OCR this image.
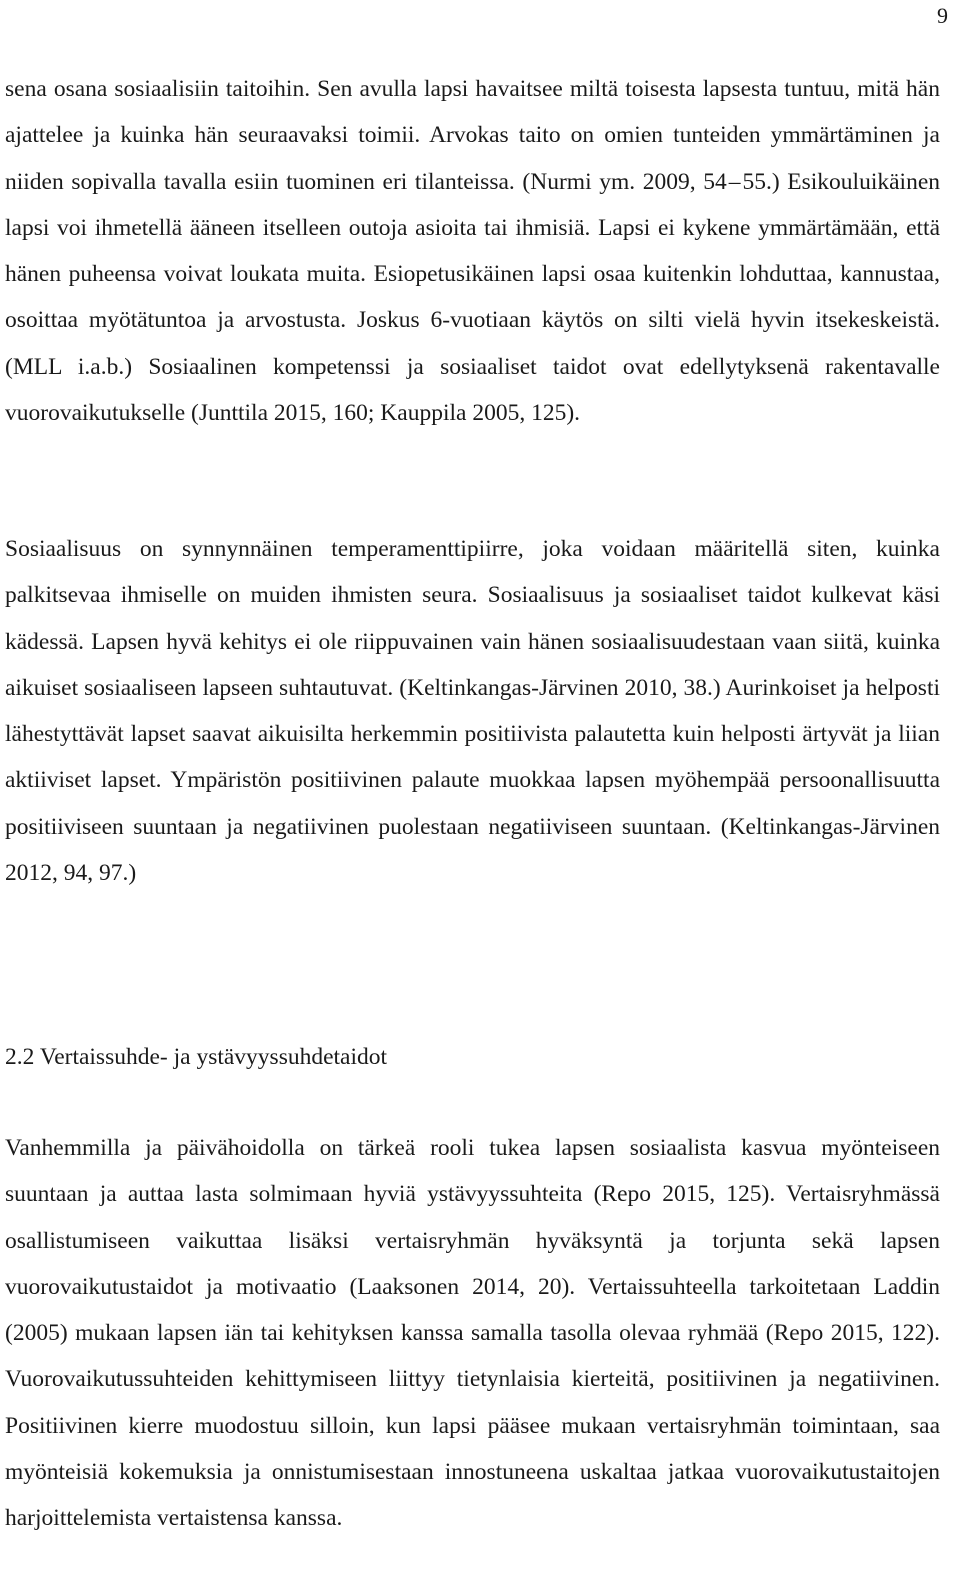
9

sena osana sosiaalisiin taitoihin. Sen avulla lapsi havaitsee miltä toisesta lapsesta tuntuu, mitä hän ajattelee ja kuinka hän seuraavaksi toimii. Arvokas taito on omien tunteiden ymmärtäminen ja niiden sopivalla tavalla esiin tuominen eri tilanteissa. (Nurmi ym. 2009, 54 – 55.) Esikouluikäinen lapsi voi ihmetellä ääneen itselleen outoja asioita tai ihmisiä. Lapsi ei kykene ymmärtämään, että hänen puheensa voivat loukata muita. Esiopetusikäinen lapsi osaa kuitenkin lohduttaa, kannustaa, osoittaa myötätuntoa ja arvostusta. Joskus 6-vuotiaan käytös on silti vielä hyvin itsekeskeistä. (MLL i.a.b.) Sosiaalinen kompetenssi ja sosiaaliset taidot ovat edellytyksenä rakentavalle vuorovaikutukselle (Junttila 2015, 160; Kauppila 2005, 125).

Sosiaalisuus on synnynnäinen temperamenttipiirre, joka voidaan määritellä siten, kuinka palkitsevaa ihmiselle on muiden ihmisten seura. Sosiaalisuus ja sosiaaliset taidot kulkevat käsi kädessä. Lapsen hyvä kehitys ei ole riippuvainen vain hänen sosiaalisuudestaan vaan siitä, kuinka aikuiset sosiaaliseen lapseen suhtautuvat. (Keltinkangas-Järvinen 2010, 38.) Aurinkoiset ja helposti lähestyttävät lapset saavat aikuisilta herkemmin positiivista palautetta kuin helposti ärtyvät ja liian aktiiviset lapset. Ympäristön positiivinen palaute muokkaa lapsen myöhempää persoonallisuutta positiiviseen suuntaan ja negatiivinen puolestaan negatiiviseen suuntaan. (Keltinkangas-Järvinen 2012, 94, 97.)

2.2 Vertaissuhde- ja ystävyyssuhdetaidot

Vanhemmilla ja päivähoidolla on tärkeä rooli tukea lapsen sosiaalista kasvua myönteiseen suuntaan ja auttaa lasta solmimaan hyviä ystävyyssuhteita (Repo 2015, 125). Vertaisryhmässä osallistumiseen vaikuttaa lisäksi vertaisryhmän hyväksyntä ja torjunta sekä lapsen vuorovaikutustaidot ja motivaatio (Laaksonen 2014, 20). Vertaissuhteella tarkoitetaan Laddin (2005) mukaan lapsen iän tai kehityksen kanssa samalla tasolla olevaa ryhmää (Repo 2015, 122). Vuorovaikutussuhteiden kehittymiseen liittyy tietynlaisia kierteitä, positiivinen ja negatiivinen. Positiivinen kierre muodostuu silloin, kun lapsi pääsee mukaan vertaisryhmän toimintaan, saa myönteisiä kokemuksia ja onnistumisestaan innostuneena uskaltaa jatkaa vuorovaikutustaitojen harjoittelemista vertaistensa kanssa.
